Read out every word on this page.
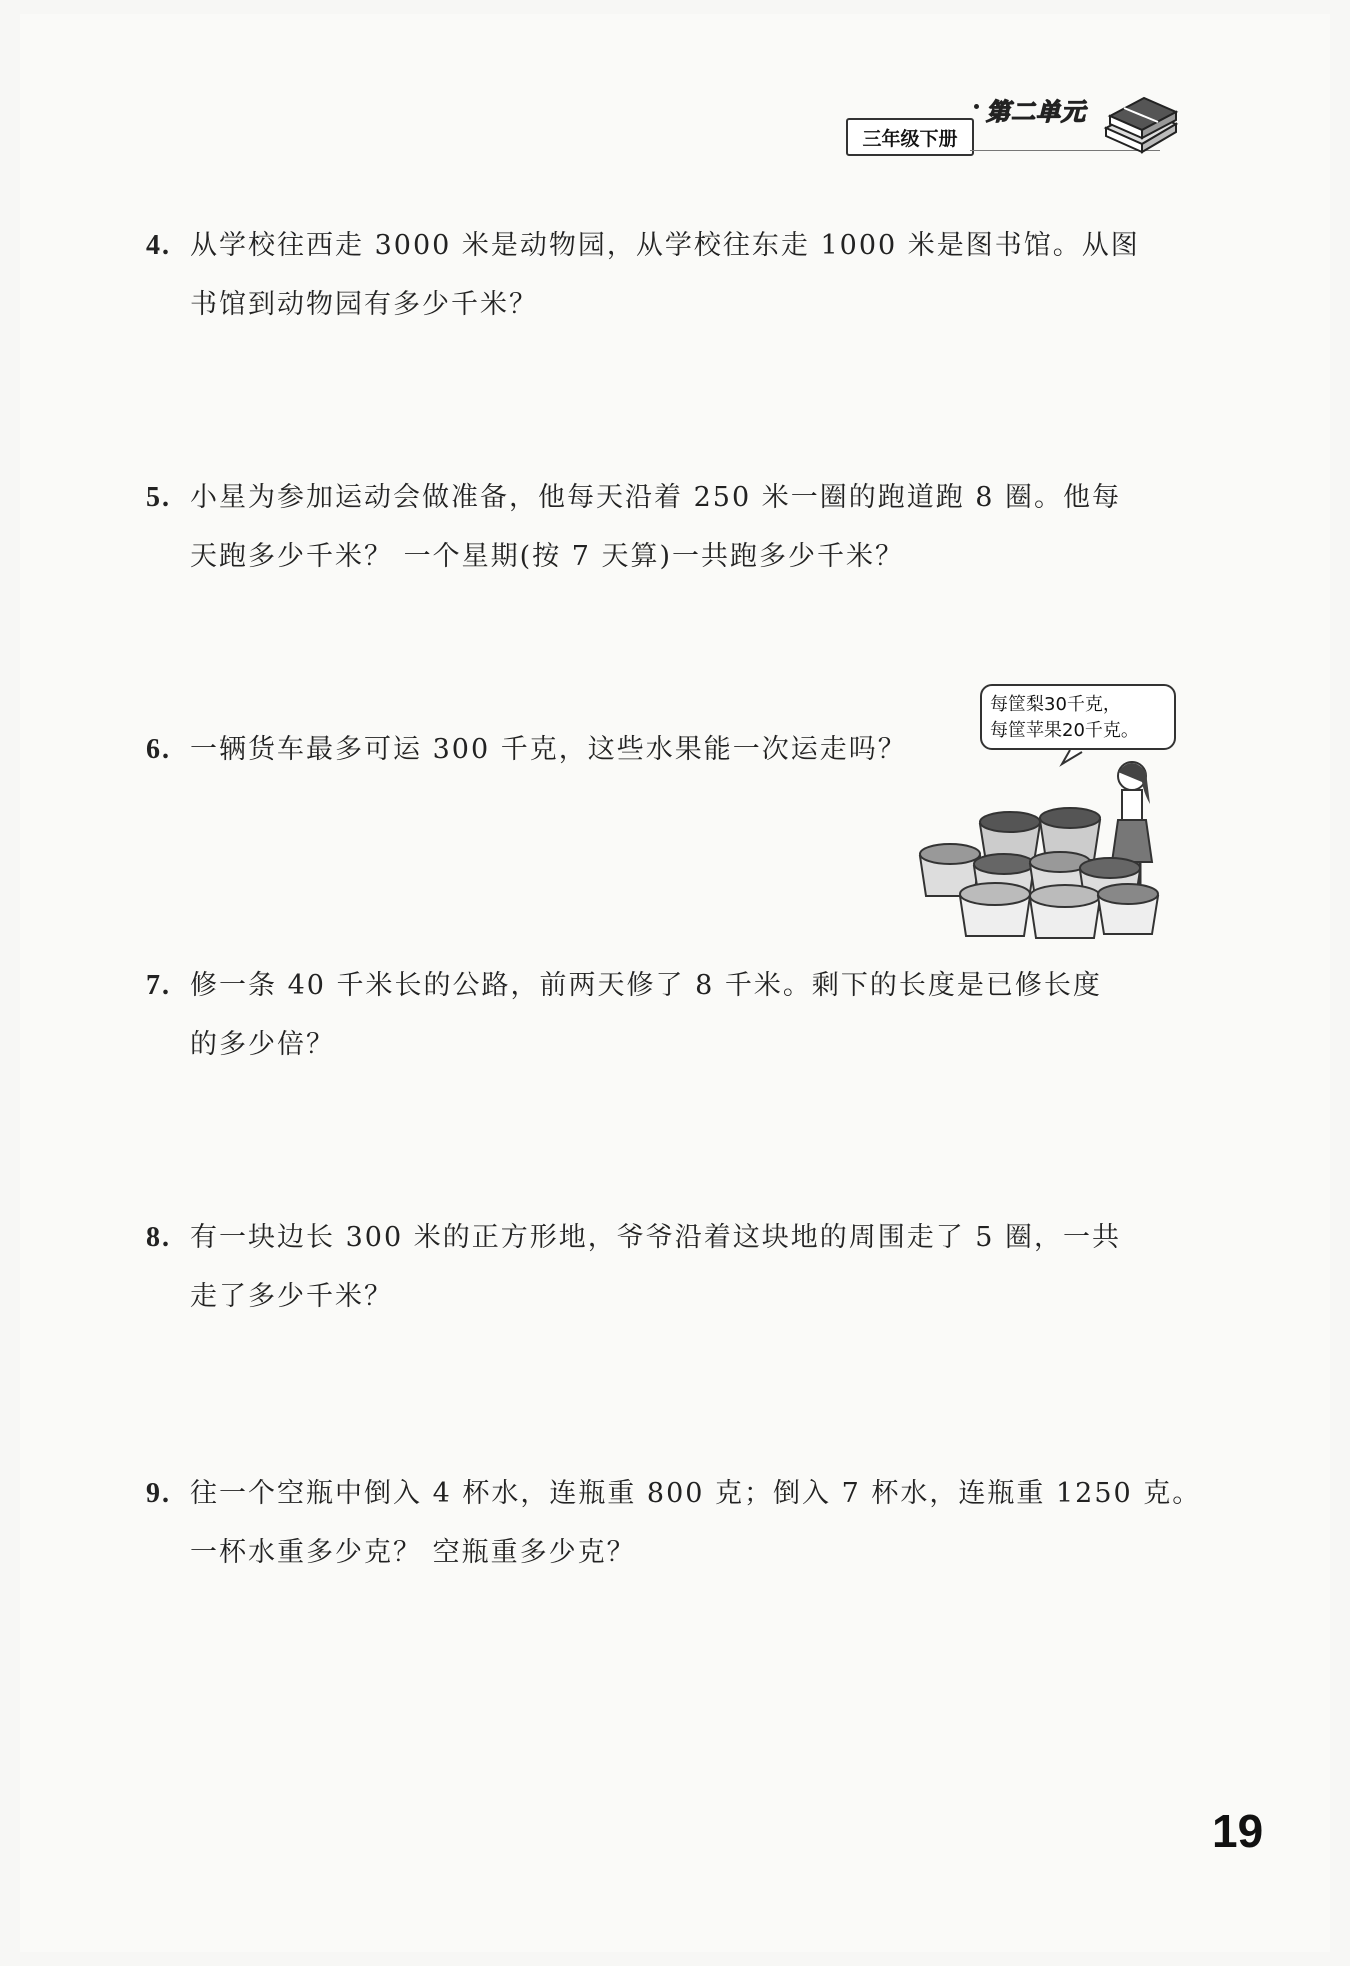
三年级下册
第二单元
4. 从学校往西走 3000 米是动物园，从学校往东走 1000 米是图书馆。从图
书馆到动物园有多少千米？
5. 小星为参加运动会做准备，他每天沿着 250 米一圈的跑道跑 8 圈。他每
天跑多少千米？ 一个星期(按 7 天算)一共跑多少千米？
6. 一辆货车最多可运 300 千克，这些水果能一次运走吗？
每筐梨30千克，
每筐苹果20千克。
7. 修一条 40 千米长的公路，前两天修了 8 千米。剩下的长度是已修长度
的多少倍？
8. 有一块边长 300 米的正方形地，爷爷沿着这块地的周围走了 5 圈，一共
走了多少千米？
9. 往一个空瓶中倒入 4 杯水，连瓶重 800 克；倒入 7 杯水，连瓶重 1250 克。
一杯水重多少克？ 空瓶重多少克？
19
